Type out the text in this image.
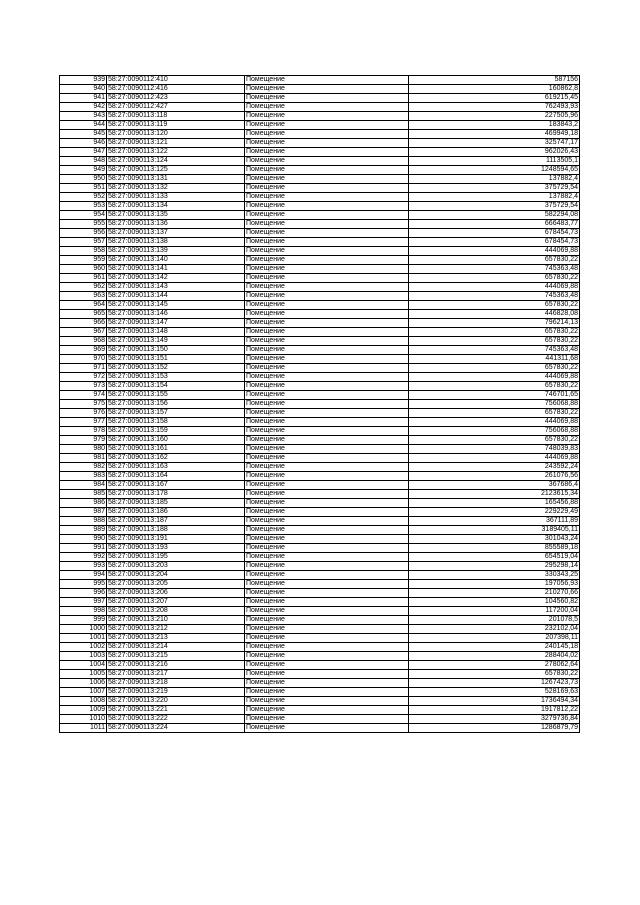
939	58:27:0090112:410	Помещение	587156
940	58:27:0090112:416	Помещение	160862,8
941	58:27:0090112:423	Помещение	619215,45
942	58:27:0090112:427	Помещение	762493,93
943	58:27:0090113:118	Помещение	227505,96
944	58:27:0090113:119	Помещение	183843,2
945	58:27:0090113:120	Помещение	469949,18
946	58:27:0090113:121	Помещение	325747,17
947	58:27:0090113:122	Помещение	962026,43
948	58:27:0090113:124	Помещение	1113505,1
949	58:27:0090113:125	Помещение	1248594,65
950	58:27:0090113:131	Помещение	137882,4
951	58:27:0090113:132	Помещение	375729,54
952	58:27:0090113:133	Помещение	137882,4
953	58:27:0090113:134	Помещение	375729,54
954	58:27:0090113:135	Помещение	582294,08
955	58:27:0090113:136	Помещение	666483,77
956	58:27:0090113:137	Помещение	678454,73
957	58:27:0090113:138	Помещение	678454,73
958	58:27:0090113:139	Помещение	444069,88
959	58:27:0090113:140	Помещение	657830,22
960	58:27:0090113:141	Помещение	745363,48
961	58:27:0090113:142	Помещение	657830,22
962	58:27:0090113:143	Помещение	444069,88
963	58:27:0090113:144	Помещение	745363,48
964	58:27:0090113:145	Помещение	657830,22
965	58:27:0090113:146	Помещение	446828,08
966	58:27:0090113:147	Помещение	796214,13
967	58:27:0090113:148	Помещение	657830,22
968	58:27:0090113:149	Помещение	657830,22
969	58:27:0090113:150	Помещение	745363,48
970	58:27:0090113:151	Помещение	441311,68
971	58:27:0090113:152	Помещение	657830,22
972	58:27:0090113:153	Помещение	444069,88
973	58:27:0090113:154	Помещение	657830,22
974	58:27:0090113:155	Помещение	746701,65
975	58:27:0090113:156	Помещение	756068,88
976	58:27:0090113:157	Помещение	657830,22
977	58:27:0090113:158	Помещение	444069,88
978	58:27:0090113:159	Помещение	756068,88
979	58:27:0090113:160	Помещение	657830,22
980	58:27:0090113:161	Помещение	748039,83
981	58:27:0090113:162	Помещение	444069,88
982	58:27:0090113:163	Помещение	243592,24
983	58:27:0090113:164	Помещение	261076,56
984	58:27:0090113:167	Помещение	367686,4
985	58:27:0090113:178	Помещение	2123615,34
986	58:27:0090113:185	Помещение	165456,88
987	58:27:0090113:186	Помещение	229229,49
988	58:27:0090113:187	Помещение	367111,89
989	58:27:0090113:188	Помещение	3189405,11
990	58:27:0090113:191	Помещение	301043,24
991	58:27:0090113:193	Помещение	855589,18
992	58:27:0090113:195	Помещение	654519,04
993	58:27:0090113:203	Помещение	295298,14
994	58:27:0090113:204	Помещение	330343,25
995	58:27:0090113:205	Помещение	197056,93
996	58:27:0090113:206	Помещение	210270,66
997	58:27:0090113:207	Помещение	104560,82
998	58:27:0090113:208	Помещение	117200,04
999	58:27:0090113:210	Помещение	201078,5
1000	58:27:0090113:212	Помещение	232102,04
1001	58:27:0090113:213	Помещение	207398,11
1002	58:27:0090113:214	Помещение	240145,18
1003	58:27:0090113:215	Помещение	288404,02
1004	58:27:0090113:216	Помещение	278062,64
1005	58:27:0090113:217	Помещение	657830,22
1006	58:27:0090113:218	Помещение	1267423,73
1007	58:27:0090113:219	Помещение	528169,63
1008	58:27:0090113:220	Помещение	1736494,34
1009	58:27:0090113:221	Помещение	1917812,22
1010	58:27:0090113:222	Помещение	3279736,84
1011	58:27:0090113:224	Помещение	1286879,79
